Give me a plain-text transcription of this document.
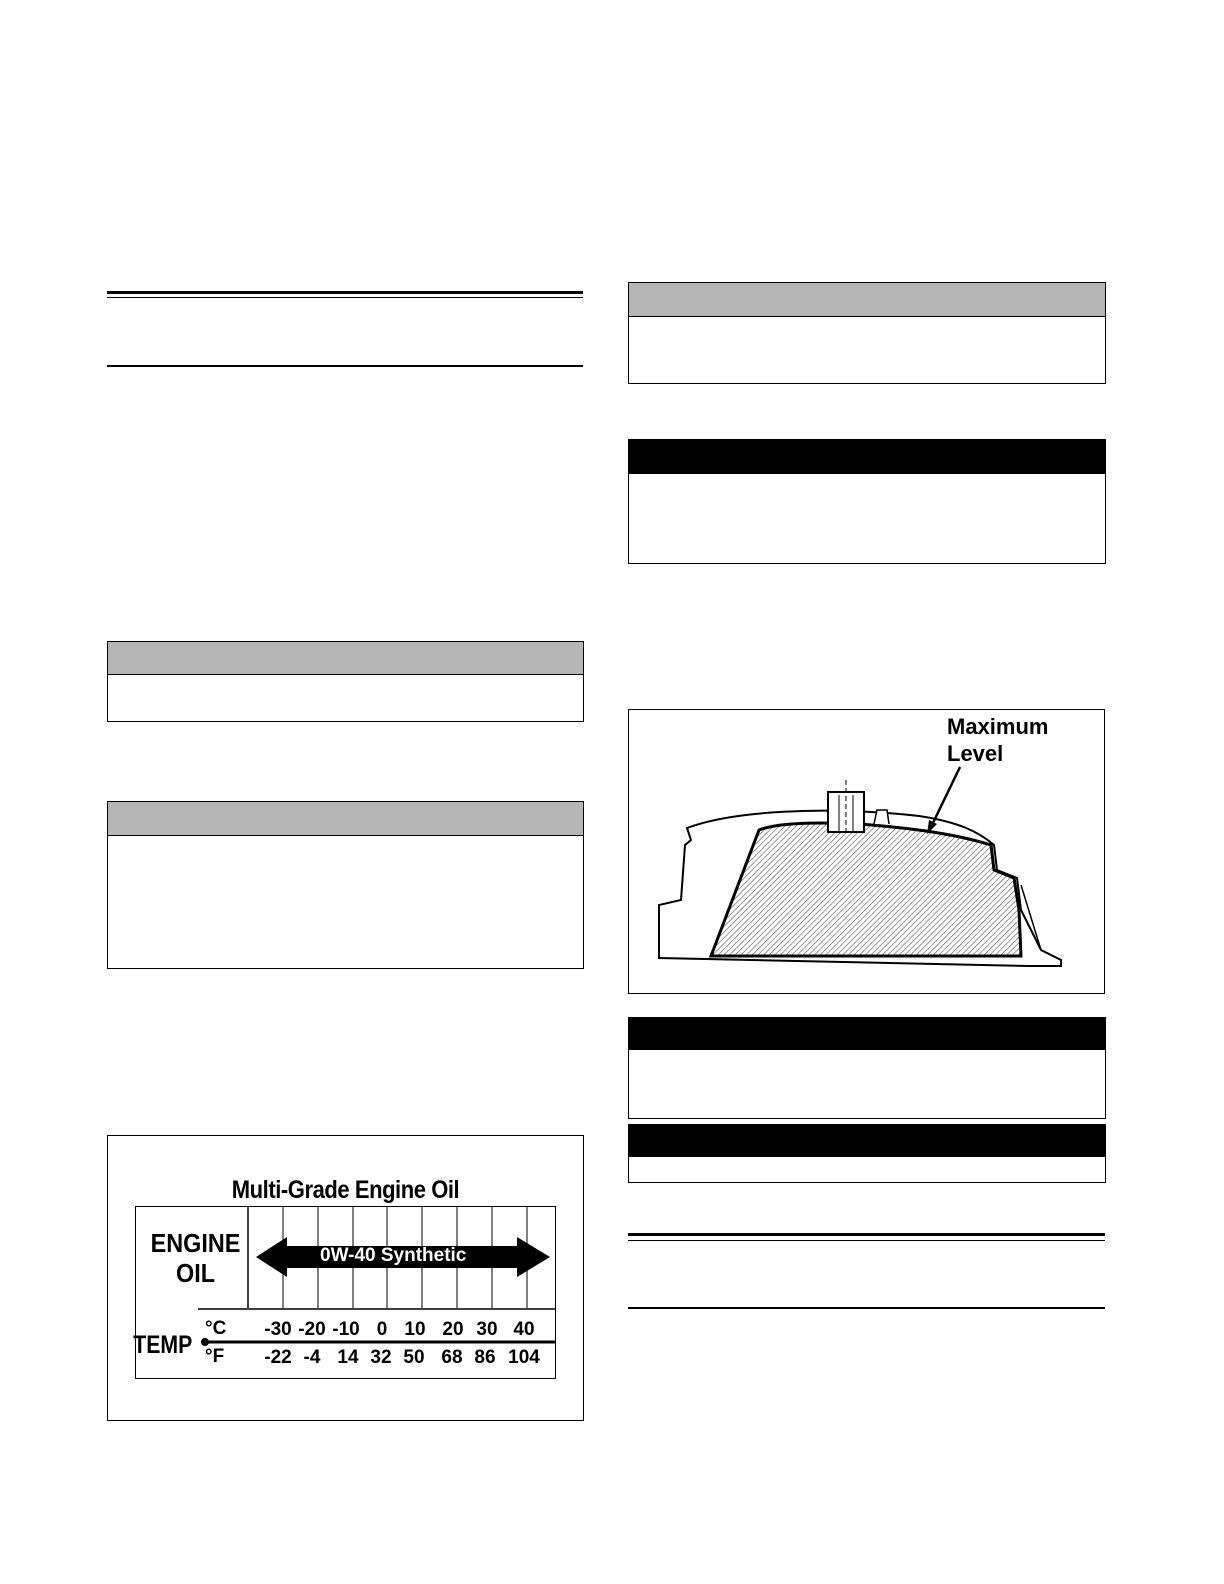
Multi-Grade Engine Oil
ENGINE
OIL
0W-40 Synthetic
TEMP
°C
°F
-30 -20 -10 0 10 20 30 40
-22 -4 14 32 50 68 86 104
Maximum
Level
